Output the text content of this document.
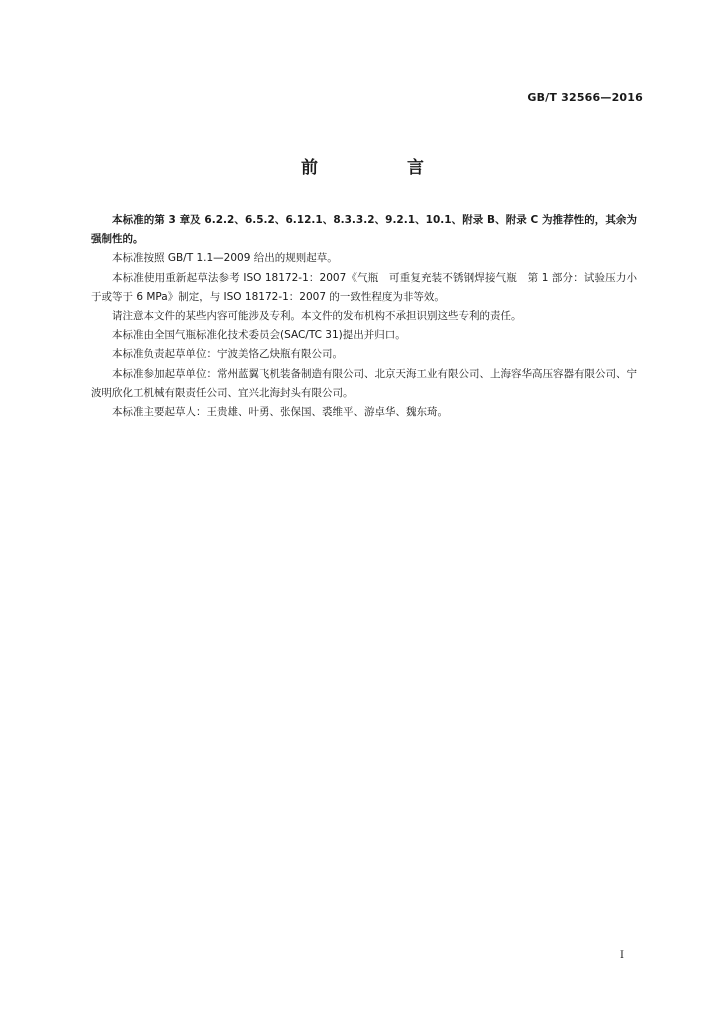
GB/T 32566—2016
前　言

本标准的第 3 章及 6.2.2、6.5.2、6.12.1、8.3.3.2、9.2.1、10.1、附录 B、附录 C 为推荐性的，其余为强制性的。

本标准按照 GB/T 1.1—2009 给出的规则起草。

本标准使用重新起草法参考 ISO 18172-1：2007《气瓶　可重复充装不锈钢焊接气瓶　第 1 部分：试验压力小于或等于 6 MPa》制定，与 ISO 18172-1：2007 的一致性程度为非等效。

请注意本文件的某些内容可能涉及专利。本文件的发布机构不承担识别这些专利的责任。

本标准由全国气瓶标准化技术委员会(SAC/TC 31)提出并归口。

本标准负责起草单位：宁波美恪乙炔瓶有限公司。

本标准参加起草单位：常州蓝翼飞机装备制造有限公司、北京天海工业有限公司、上海容华高压容器有限公司、宁波明欣化工机械有限责任公司、宜兴北海封头有限公司。

本标准主要起草人：王贵雄、叶勇、张保国、裘维平、游卓华、魏东琦。

I
